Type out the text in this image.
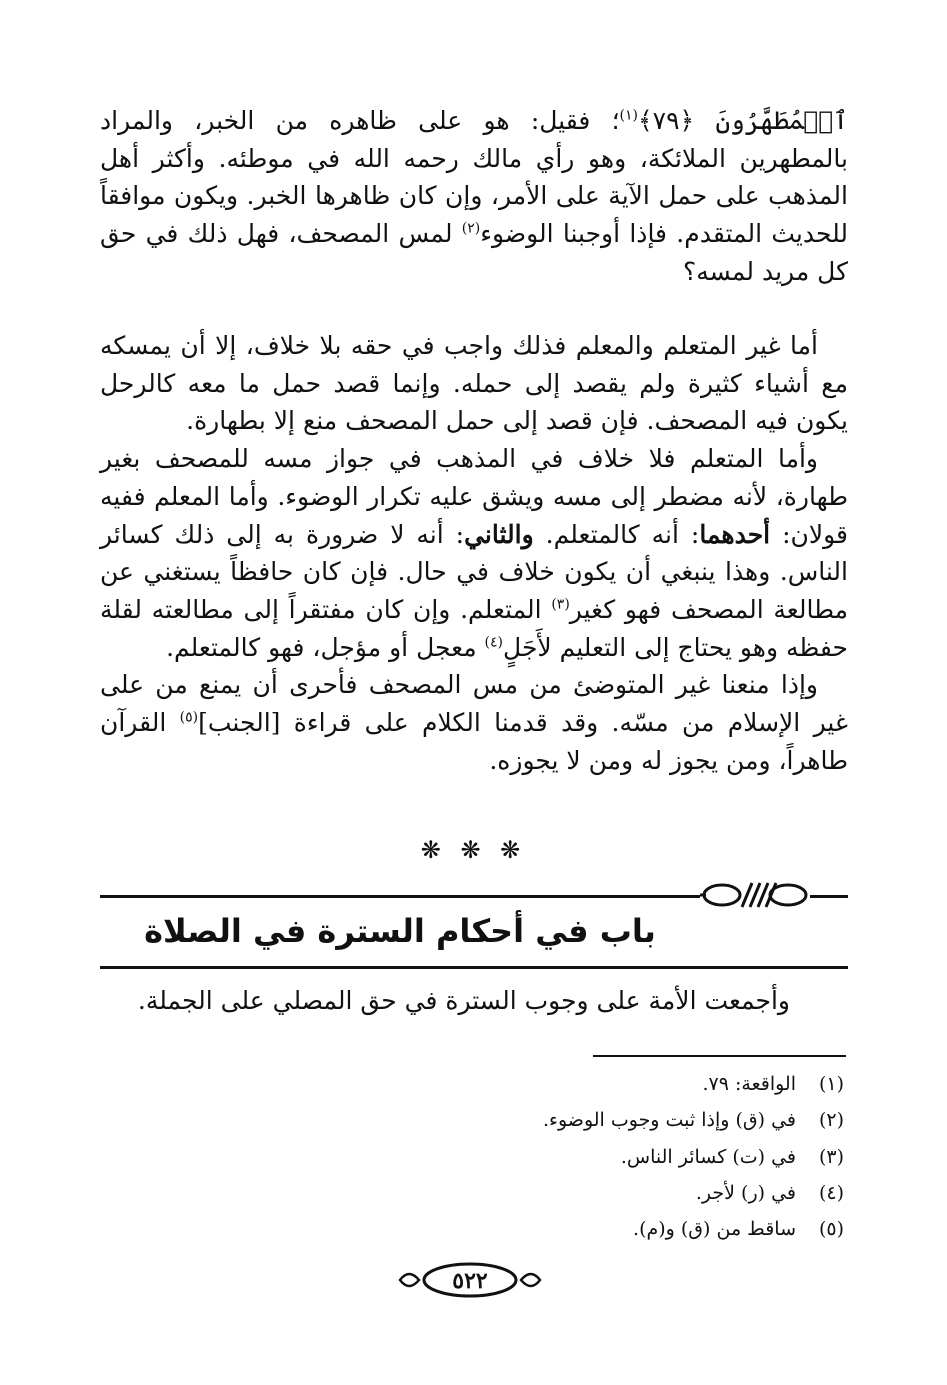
ٱلۡمُطَهَّرُونَ ﴿٧٩﴾$^{(١)}$؛ فقيل: هو على ظاهره من الخبر، والمراد بالمطهرين الملائكة، وهو رأي مالك رحمه الله في موطئه. وأكثر أهل المذهب على حمل الآية على الأمر، وإن كان ظاهرها الخبر. ويكون موافقاً للحديث المتقدم. فإذا أوجبنا الوضوء$^{(٢)}$ لمس المصحف، فهل ذلك في حق كل مريد لمسه؟

أما غير المتعلم والمعلم فذلك واجب في حقه بلا خلاف، إلا أن يمسكه مع أشياء كثيرة ولم يقصد إلى حمله. وإنما قصد حمل ما معه كالرحل يكون فيه المصحف. فإن قصد إلى حمل المصحف منع إلا بطهارة.

وأما المتعلم فلا خلاف في المذهب في جواز مسه للمصحف بغير طهارة، لأنه مضطر إلى مسه ويشق عليه تكرار الوضوء. وأما المعلم ففيه قولان: أحدهما: أنه كالمتعلم. والثاني: أنه لا ضرورة به إلى ذلك كسائر الناس. وهذا ينبغي أن يكون خلاف في حال. فإن كان حافظاً يستغني عن مطالعة المصحف فهو كغير$^{(٣)}$ المتعلم. وإن كان مفتقراً إلى مطالعته لقلة حفظه وهو يحتاج إلى التعليم لأَجَلٍ$^{(٤)}$ معجل أو مؤجل، فهو كالمتعلم.

وإذا منعنا غير المتوضئ من مس المصحف فأحرى أن يمنع من على غير الإسلام من مسّه. وقد قدمنا الكلام على قراءة [الجنب]$^{(٥)}$ القرآن طاهراً، ومن يجوز له ومن لا يجوزه.

❋ ❋ ❋
باب في أحكام السترة في الصلاة
وأجمعت الأمة على وجوب السترة في حق المصلي على الجملة.
(١)الواقعة: ٧٩.
(٢)في (ق) وإذا ثبت وجوب الوضوء.
(٣)في (ت) كسائر الناس.
(٤)في (ر) لأجر.
(٥)ساقط من (ق) و(م).
٥٢٢
